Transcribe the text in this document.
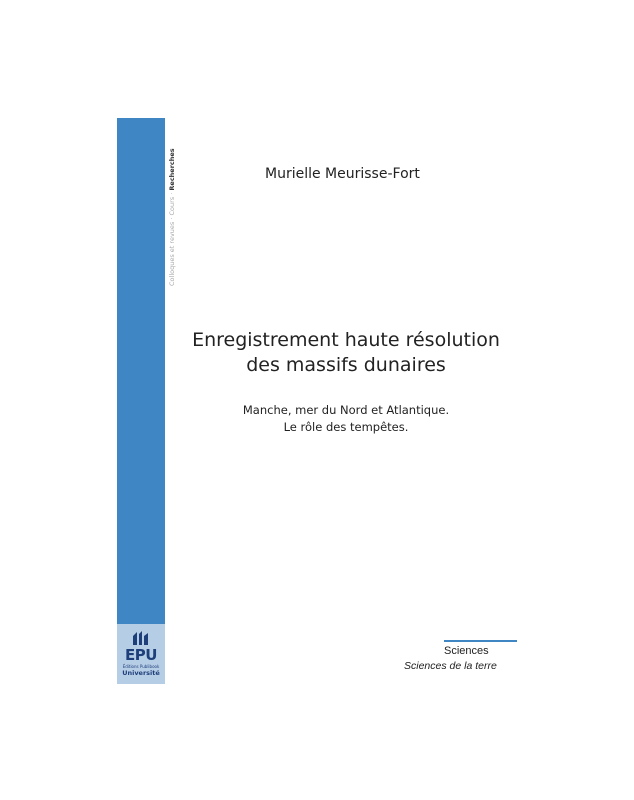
EPU
Éditions Publibook
Université
Colloques et revues · Cours · Recherches	Murielle Meurisse-Fort
Enregistrement haute résolution
des massifs dunaires
Manche, mer du Nord et Atlantique.
Le rôle des tempêtes.
Sciences
Sciences de la terre
